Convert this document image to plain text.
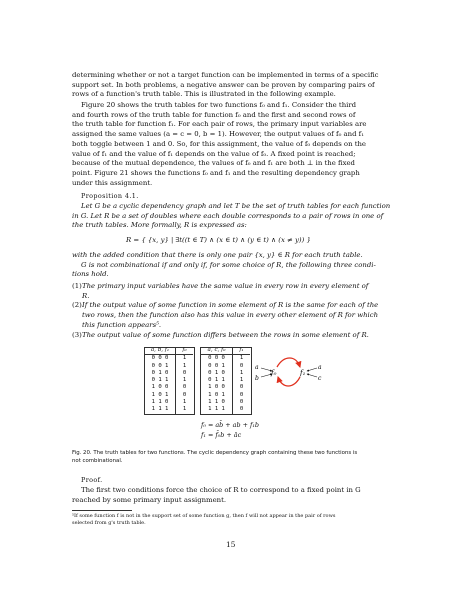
determining whether or not a target function can be implemented in terms of a specific
support set. In both problems, a negative answer can be proven by comparing pairs of
rows of a function's truth table. This is illustrated in the following example.
Figure 20 shows the truth tables for two functions f₀ and f₁. Consider the third
and fourth rows of the truth table for function f₀ and the first and second rows of
the truth table for function f₁. For each pair of rows, the primary input variables are
assigned the same values (a = c = 0, b = 1). However, the output values of f₀ and f₁
both toggle between 1 and 0. So, for this assignment, the value of f₀ depends on the
value of f₁ and the value of f₁ depends on the value of f₀. A fixed point is reached;
because of the mutual dependence, the values of f₀ and f₁ are both ⊥ in the fixed
point. Figure 21 shows the functions f₀ and f₁ and the resulting dependency graph
under this assignment.
Proposition 4.1.
Let G be a cyclic dependency graph and let T be the set of truth tables for each function
in G. Let R be a set of doubles where each double corresponds to a pair of rows in one of
the truth tables. More formally, R is expressed as:
R = { {x, y} | ∃t((t ∈ T) ∧ (x ∈ t) ∧ (y ∈ t) ∧ (x ≠ y)) }
with the added condition that there is only one pair {x, y} ∈ R for each truth table.
G is not combinational if and only if, for some choice of R, the following three condi-
tions hold.
(1)The primary input variables have the same value in every row in every element of
R.
(2)If the output value of some function in some element of R is the same for each of the
two rows, then the function also has this value in every other element of R for which
this function appears⁵.
(3)The output value of some function differs between the rows in some element of R.
a, b, f₁	f₀
0 0 0	1
0 0 1	1
0 1 0	0
0 1 1	1
1 0 0	0
1 0 1	0
1 1 0	1
1 1 1	1
a, c, f₀	f₁
0 0 0	1
0 0 1	0
0 1 0	1
0 1 1	1
1 0 0	0
1 0 1	0
1 1 0	0
1 1 1	0
f₀	f₁
a
b
a
c
f₀ = ab̄ + ab + f₁b
f₁ = f̄₀b + āc
Fig. 20. The truth tables for two functions. The cyclic dependency graph containing these two functions is
not combinational.
Proof.
The first two conditions force the choice of R to correspond to a fixed point in G
reached by some primary input assignment.
⁵If some function f is not in the support set of some function g, then f will not appear in the pair of rows
selected from g's truth table.
15
